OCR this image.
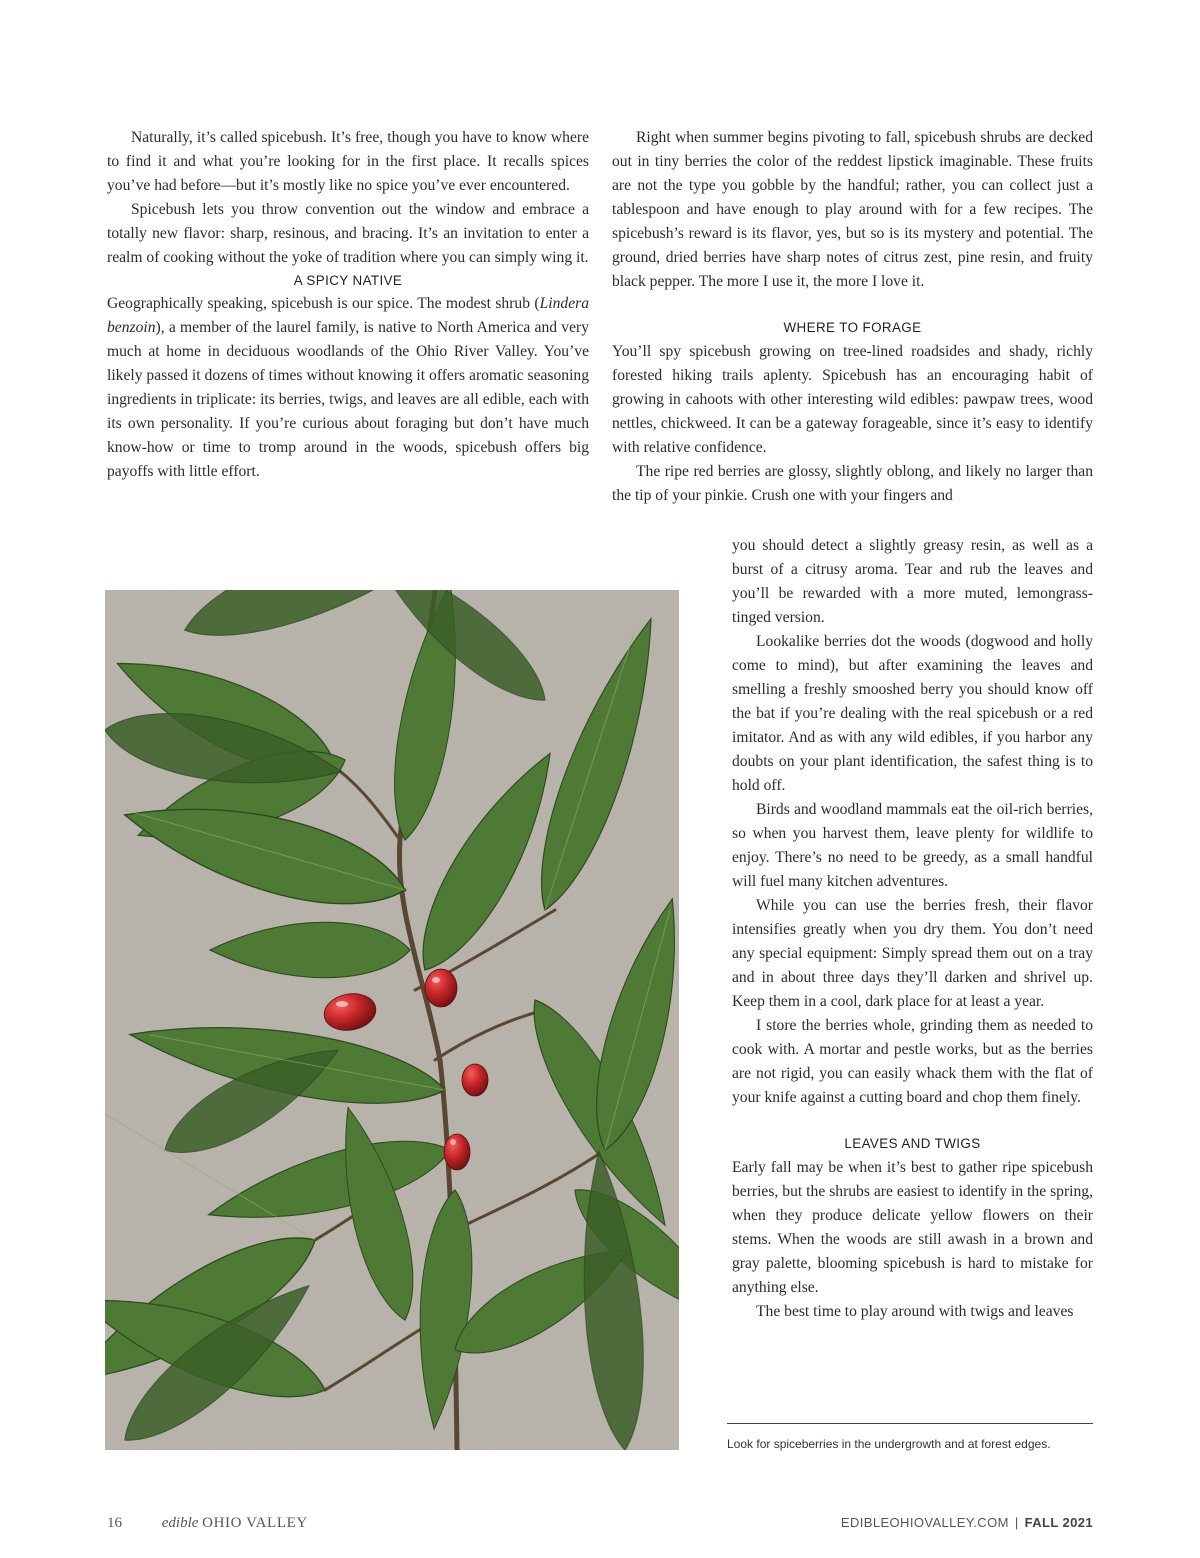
Naturally, it’s called spicebush. It’s free, though you have to know where to find it and what you’re looking for in the first place. It recalls spices you’ve had before—but it’s mostly like no spice you’ve ever encountered.

Spicebush lets you throw convention out the window and embrace a totally new flavor: sharp, resinous, and bracing. It’s an invitation to enter a realm of cooking without the yoke of tradition where you can simply wing it.

A SPICY NATIVE

Geographically speaking, spicebush is our spice. The modest shrub (Lindera benzoin), a member of the laurel family, is native to North America and very much at home in deciduous woodlands of the Ohio River Valley. You’ve likely passed it dozens of times without knowing it offers aromatic seasoning ingredients in triplicate: its berries, twigs, and leaves are all edible, each with its own personality. If you’re curious about foraging but don’t have much know-how or time to tromp around in the woods, spicebush offers big payoffs with little effort.

Right when summer begins pivoting to fall, spicebush shrubs are decked out in tiny berries the color of the reddest lipstick imaginable. These fruits are not the type you gobble by the handful; rather, you can collect just a tablespoon and have enough to play around with for a few recipes. The spicebush’s reward is its flavor, yes, but so is its mystery and potential. The ground, dried berries have sharp notes of citrus zest, pine resin, and fruity black pepper. The more I use it, the more I love it.

WHERE TO FORAGE

You’ll spy spicebush growing on tree-lined roadsides and shady, richly forested hiking trails aplenty. Spicebush has an encouraging habit of growing in cahoots with other interesting wild edibles: pawpaw trees, wood nettles, chickweed. It can be a gateway forageable, since it’s easy to identify with relative confidence.

The ripe red berries are glossy, slightly oblong, and likely no larger than the tip of your pinkie. Crush one with your fingers and

you should detect a slightly greasy resin, as well as a burst of a citrusy aroma. Tear and rub the leaves and you’ll be rewarded with a more muted, lemongrass-tinged version.

Lookalike berries dot the woods (dogwood and holly come to mind), but after examining the leaves and smelling a freshly smooshed berry you should know off the bat if you’re dealing with the real spicebush or a red imitator. And as with any wild edibles, if you harbor any doubts on your plant identification, the safest thing is to hold off.

Birds and woodland mammals eat the oil-rich berries, so when you harvest them, leave plenty for wildlife to enjoy. There’s no need to be greedy, as a small handful will fuel many kitchen adventures.

While you can use the berries fresh, their flavor intensifies greatly when you dry them. You don’t need any special equipment: Simply spread them out on a tray and in about three days they’ll darken and shrivel up. Keep them in a cool, dark place for at least a year.

I store the berries whole, grinding them as needed to cook with. A mortar and pestle works, but as the berries are not rigid, you can easily whack them with the flat of your knife against a cutting board and chop them finely.

LEAVES AND TWIGS

Early fall may be when it’s best to gather ripe spicebush berries, but the shrubs are easiest to identify in the spring, when they produce delicate yellow flowers on their stems. When the woods are still awash in a brown and gray palette, blooming spicebush is hard to mistake for anything else.

The best time to play around with twigs and leaves

Look for spiceberries in the undergrowth and at forest edges.
16	edible OHIO VALLEY	EDIBLEOHIOVALLEY.COM | FALL 2021
